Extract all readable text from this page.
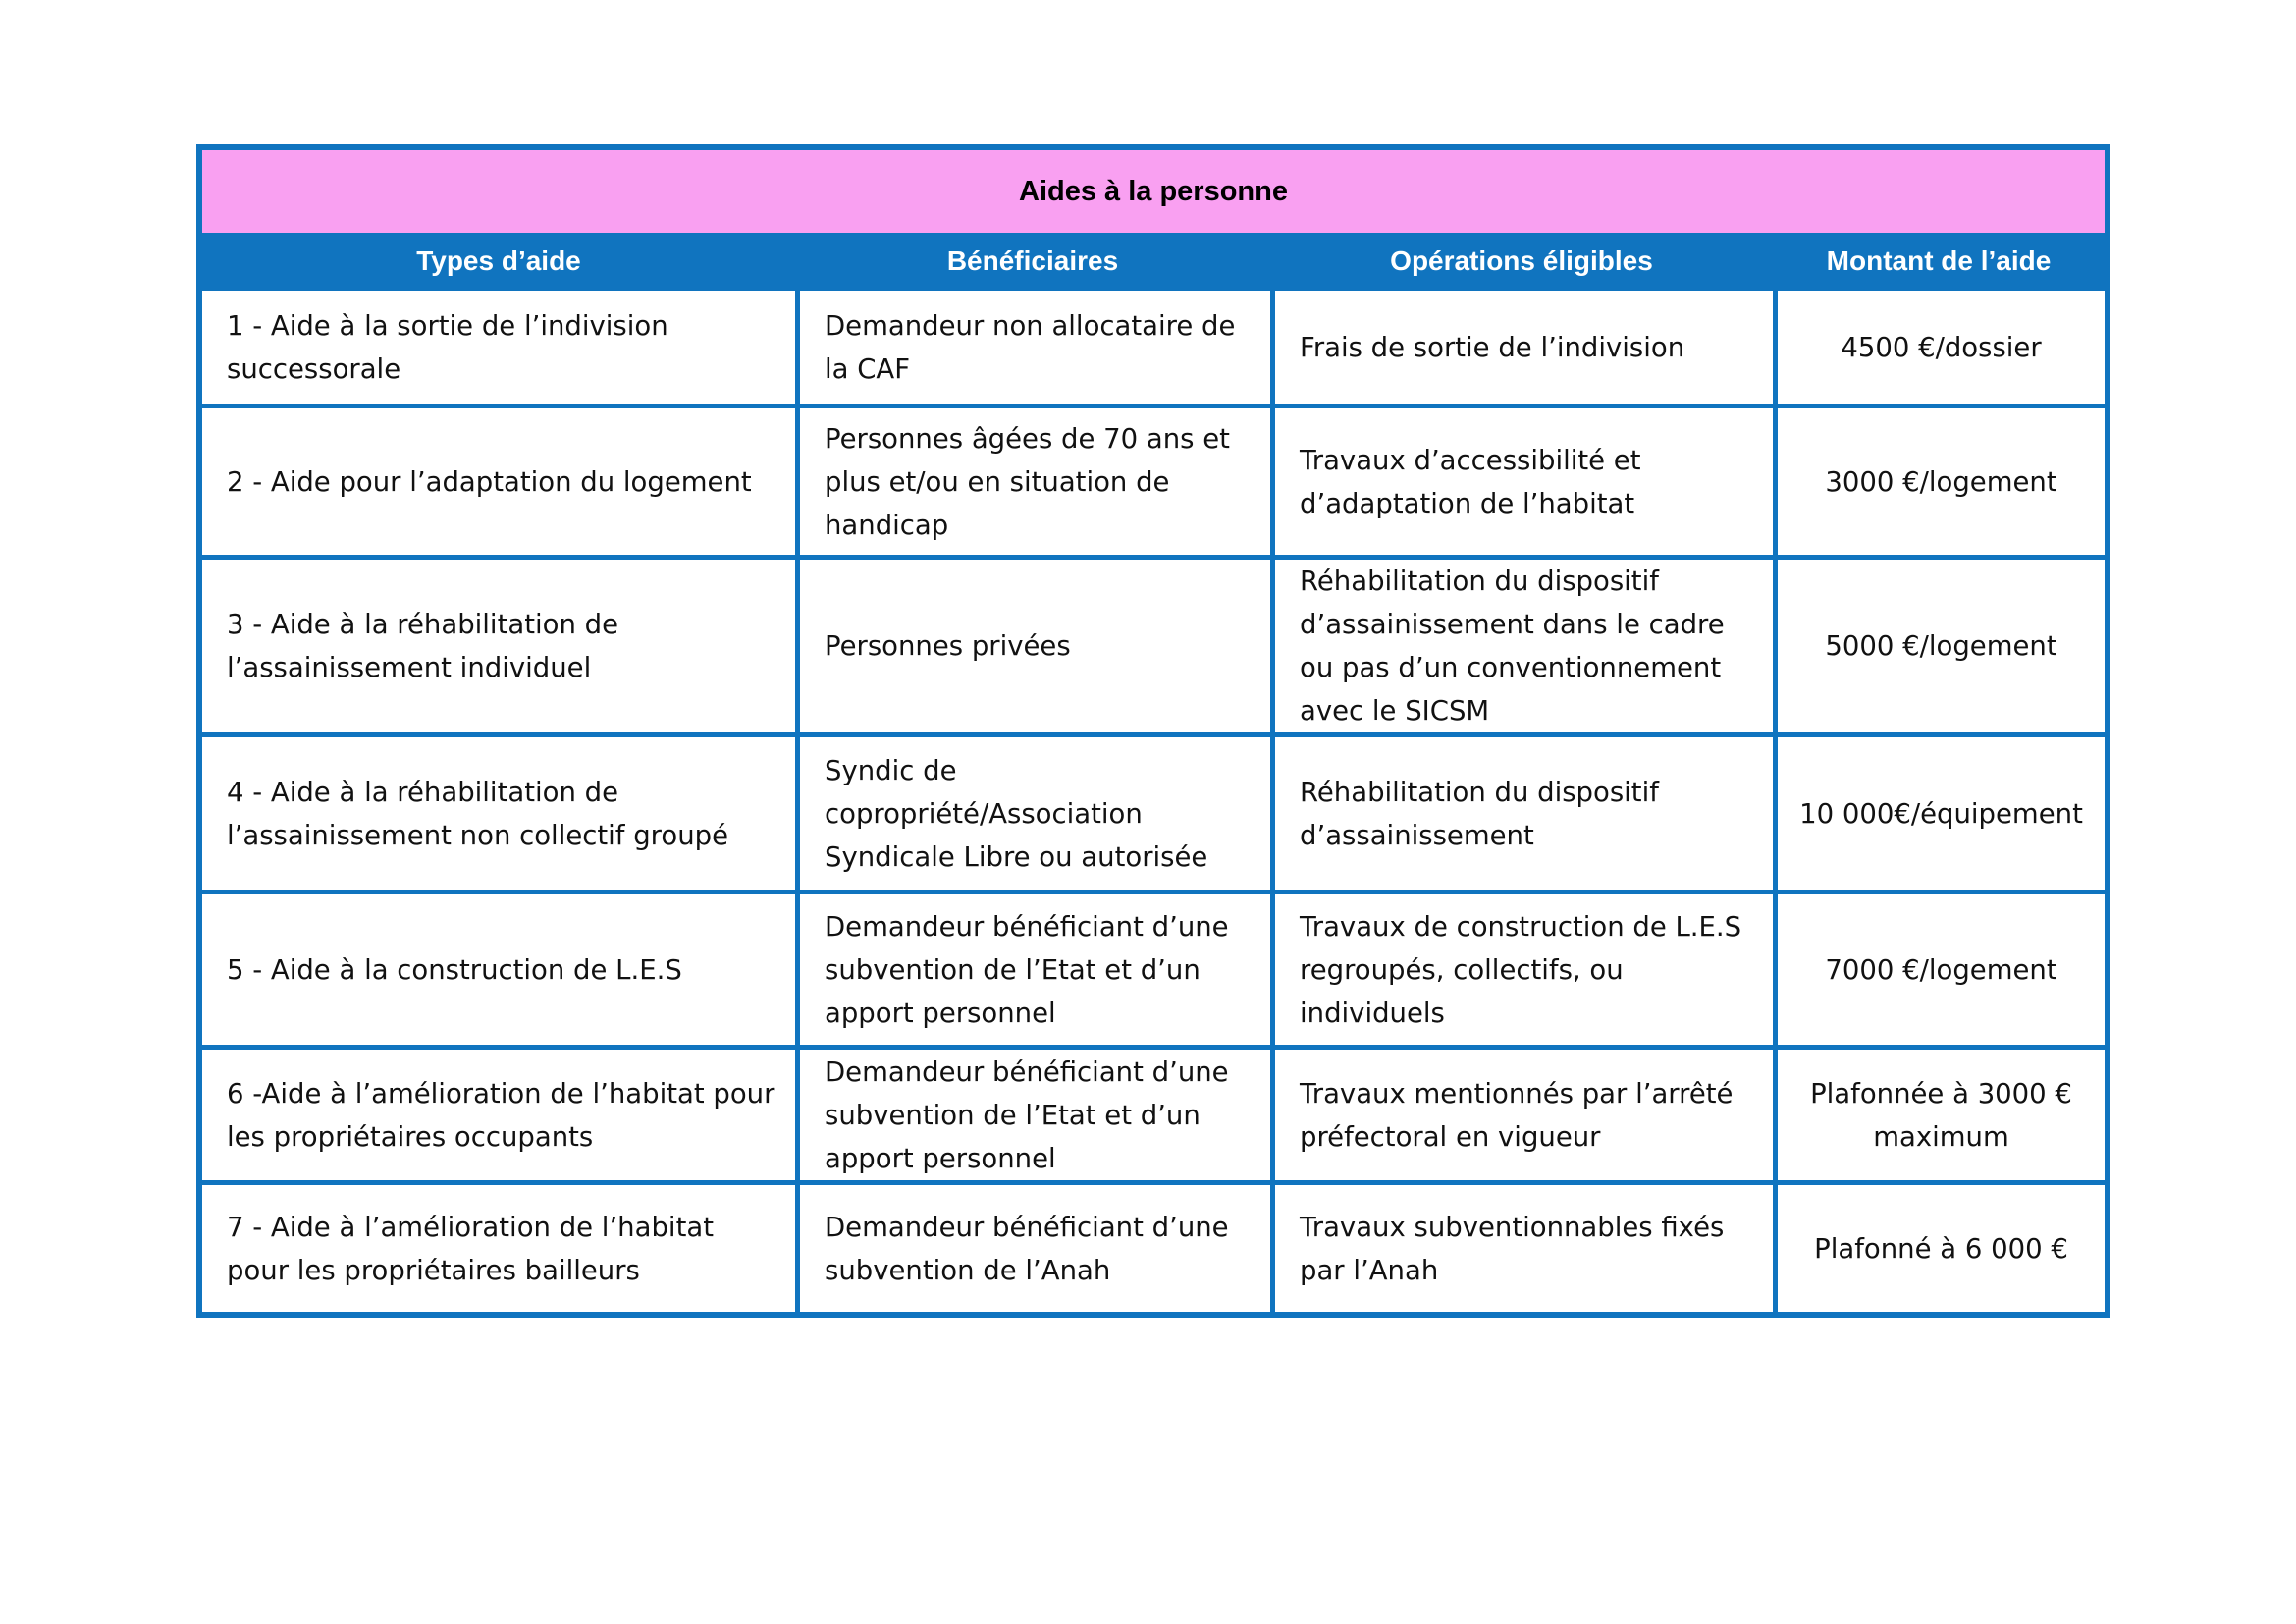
Aides à la personne			
Types d’aide	Bénéficiaires	Opérations éligibles	Montant de l’aide
1 - Aide à la sortie de l’indivision successorale	Demandeur non allocataire de la CAF	Frais de sortie de l’indivision	4500 €/dossier
2 - Aide pour l’adaptation du logement	Personnes âgées de 70 ans et plus et/ou en situation de handicap	Travaux d’accessibilité et d’adaptation de l’habitat	3000 €/logement
3 - Aide à la réhabilitation de l’assainissement individuel	Personnes privées	Réhabilitation du dispositif d’assainissement dans le cadre ou pas d’un conventionnement avec le SICSM	5000 €/logement
4 - Aide à la réhabilitation de l’assainissement non collectif groupé	Syndic de copropriété/Association Syndicale Libre ou autorisée	Réhabilitation du dispositif d’assainissement	10 000€/équipement
5 - Aide à la construction de L.E.S	Demandeur bénéficiant d’une subvention de l’Etat et d’un apport personnel	Travaux de construction de L.E.S regroupés, collectifs, ou individuels	7000 €/logement
6 -Aide à l’amélioration de l’habitat pour les propriétaires occupants	Demandeur bénéficiant d’une subvention de l’Etat et d’un apport personnel	Travaux mentionnés par l’arrêté préfectoral en vigueur	Plafonnée à 3000 € maximum
7 - Aide à l’amélioration de l’habitat pour les propriétaires bailleurs	Demandeur bénéficiant d’une subvention de l’Anah	Travaux subventionnables fixés par l’Anah	Plafonné à 6 000 €
